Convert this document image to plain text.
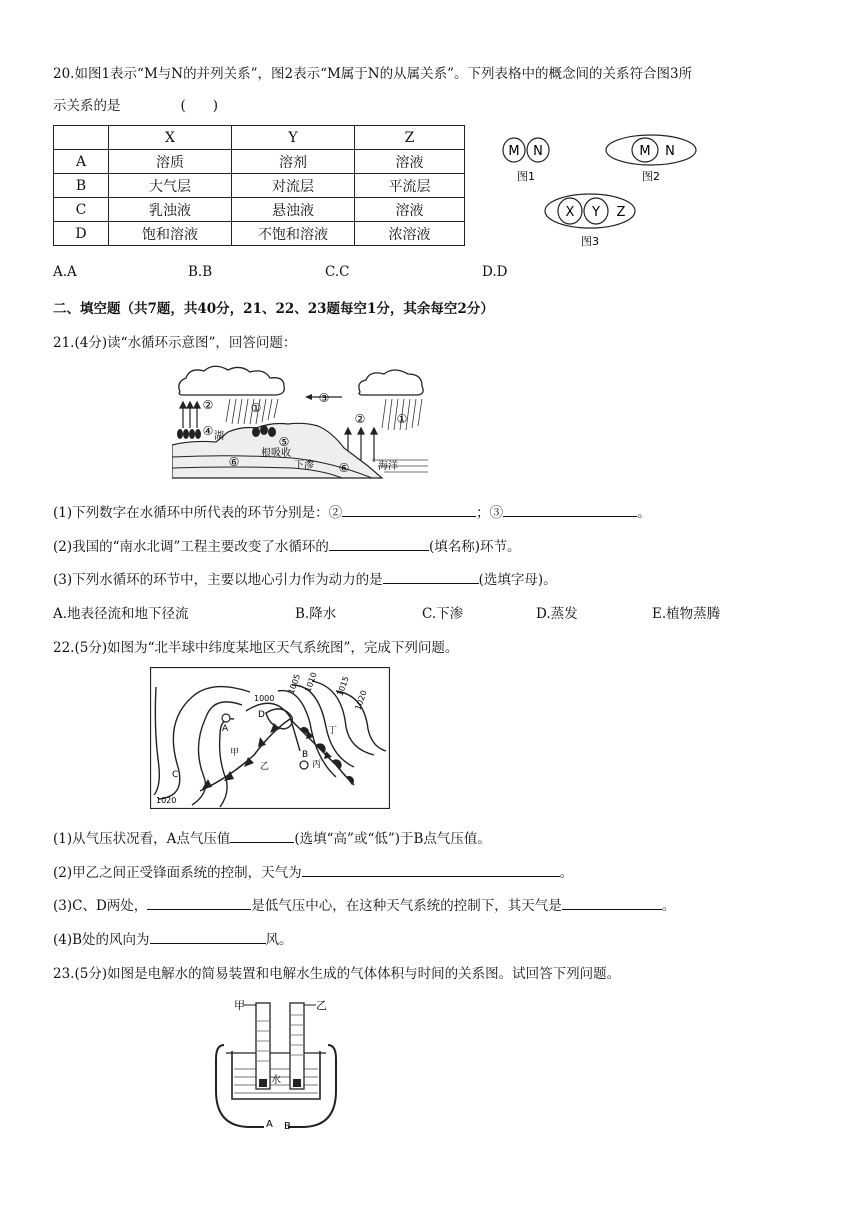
20.如图1表示“M与N的并列关系”，图2表示“M属于N的从属关系”。下列表格中的概念间的关系符合图3所
示关系的是	(　　)
	X	Y	Z
A	溶质	溶剂	溶液
B	大气层	对流层	平流层
C	乳浊液	悬浊液	溶液
D	饱和溶液	不饱和溶液	浓溶液
M N
图1
M N
图2
X Y Z
图3
A.A	B.B	C.C	D.D
二、填空题（共7题，共40分，21、22、23题每空1分，其余每空2分）
21.(4分)读“水循环示意图”，回答问题：
②	①
①
②
③
④ 湖	⑤
⑥
根吸收
下渗 ⑥	海洋
(1)下列数字在水循环中所代表的环节分别是：②	；③	。
(2)我国的“南水北调”工程主要改变了水循环的	(填名称)环节。
(3)下列水循环的环节中，主要以地心引力作为动力的是	(选填字母)。
A.地表径流和地下径流	B.降水	C.下渗	D.蒸发	E.植物蒸腾
22.(5分)如图为“北半球中纬度某地区天气系统图”，完成下列问题。
1000
1005 1010 1015
1020
1020
D
A
甲
乙
丁
B
丙
C
(1)从气压状况看，A点气压值	(选填“高”或“低”)于B点气压值。
(2)甲乙之间正受锋面系统的控制，天气为	。
(3)C、D两处，	是低气压中心，在这种天气系统的控制下，其天气是	。
(4)B处的风向为	风。
23.(5分)如图是电解水的简易装置和电解水生成的气体体积与时间的关系图。试回答下列问题。
甲	乙
水
A B
